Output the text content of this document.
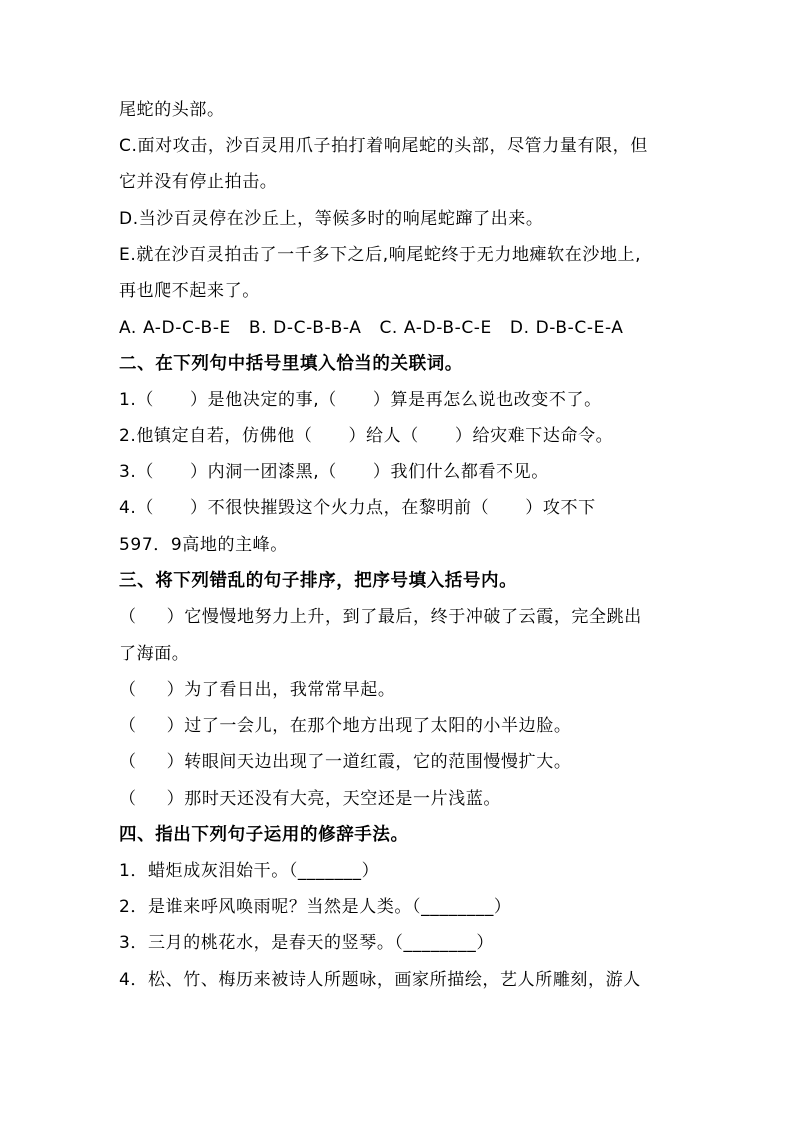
尾蛇的头部。
C.面对攻击，沙百灵用爪子拍打着响尾蛇的头部，尽管力量有限，但
它并没有停止拍击。
D.当沙百灵停在沙丘上，等候多时的响尾蛇蹿了出来。
E.就在沙百灵拍击了一千多下之后,响尾蛇终于无力地瘫软在沙地上,
再也爬不起来了。
A. A-D-C-B-E   B. D-C-B-B-A   C. A-D-B-C-E   D. D-B-C-E-A
二、在下列句中括号里填入恰当的关联词。
1.（      ）是他决定的事,（      ）算是再怎么说也改变不了。
2.他镇定自若，仿佛他（      ）给人（      ）给灾难下达命令。
3.（      ）内洞一团漆黑,（      ）我们什么都看不见。
4.（      ）不很快摧毁这个火力点，在黎明前（      ）攻不下
597．9高地的主峰。
三、将下列错乱的句子排序，把序号填入括号内。
（     ）它慢慢地努力上升，到了最后，终于冲破了云霞，完全跳出
了海面。
（     ）为了看日出，我常常早起。
（     ）过了一会儿，在那个地方出现了太阳的小半边脸。
（     ）转眼间天边出现了一道红霞，它的范围慢慢扩大。
（     ）那时天还没有大亮，天空还是一片浅蓝。
四、指出下列句子运用的修辞手法。
1．蜡炬成灰泪始干。（_______）
2．是谁来呼风唤雨呢？当然是人类。（________）
3．三月的桃花水，是春天的竖琴。（________）
4．松、竹、梅历来被诗人所题咏，画家所描绘，艺人所雕刻，游人
